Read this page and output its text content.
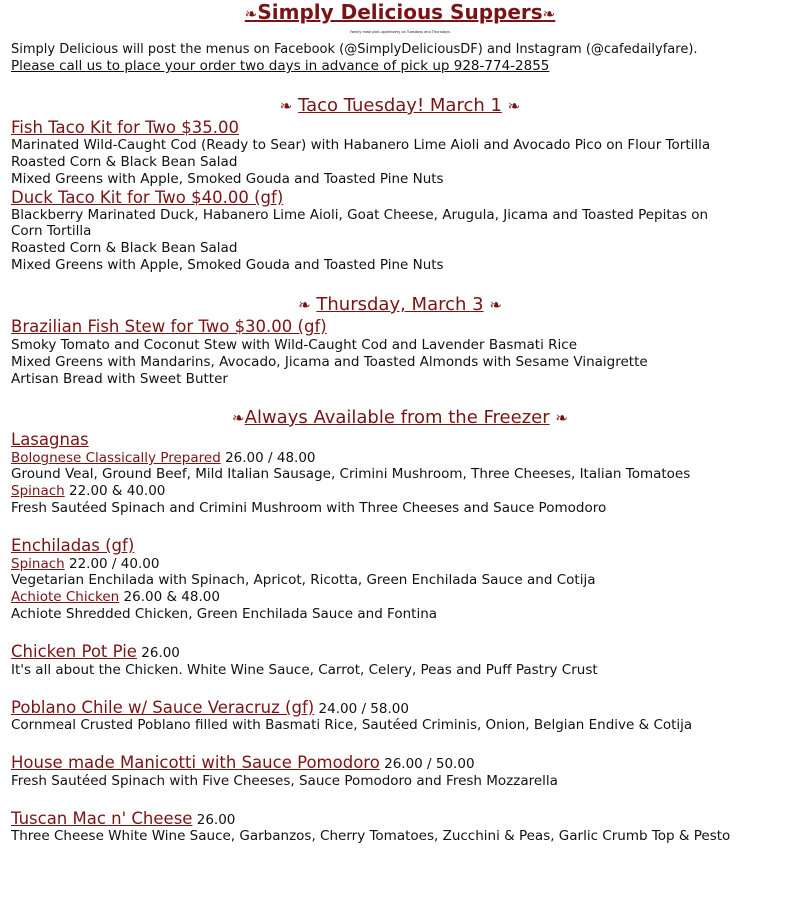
❧Simply Delicious Suppers❧
Family meal pick-up/delivery on Tuesdays and Thursdays
Simply Delicious will post the menus on Facebook (@SimplyDeliciousDF) and Instagram (@cafedailyfare).
Please call us to place your order two days in advance of pick up 928-774-2855
❧ Taco Tuesday! March 1 ❧
Fish Taco Kit for Two $35.00
Marinated Wild-Caught Cod (Ready to Sear) with Habanero Lime Aioli and Avocado Pico on Flour Tortilla
Roasted Corn & Black Bean Salad
Mixed Greens with Apple, Smoked Gouda and Toasted Pine Nuts
Duck Taco Kit for Two $40.00 (gf)
Blackberry Marinated Duck, Habanero Lime Aioli, Goat Cheese, Arugula, Jicama and Toasted Pepitas on
Corn Tortilla
Roasted Corn & Black Bean Salad
Mixed Greens with Apple, Smoked Gouda and Toasted Pine Nuts
❧ Thursday, March 3 ❧
Brazilian Fish Stew for Two $30.00 (gf)
Smoky Tomato and Coconut Stew with Wild-Caught Cod and Lavender Basmati Rice
Mixed Greens with Mandarins, Avocado, Jicama and Toasted Almonds with Sesame Vinaigrette
Artisan Bread with Sweet Butter
❧Always Available from the Freezer ❧
Lasagnas
Bolognese Classically Prepared 26.00 / 48.00
Ground Veal, Ground Beef, Mild Italian Sausage, Crimini Mushroom, Three Cheeses, Italian Tomatoes
Spinach 22.00 & 40.00
Fresh Sautéed Spinach and Crimini Mushroom with Three Cheeses and Sauce Pomodoro
Enchiladas (gf)
Spinach 22.00 / 40.00
Vegetarian Enchilada with Spinach, Apricot, Ricotta, Green Enchilada Sauce and Cotija
Achiote Chicken 26.00 & 48.00
Achiote Shredded Chicken, Green Enchilada Sauce and Fontina
Chicken Pot Pie 26.00
It's all about the Chicken. White Wine Sauce, Carrot, Celery, Peas and Puff Pastry Crust
Poblano Chile w/ Sauce Veracruz (gf) 24.00 / 58.00
Cornmeal Crusted Poblano filled with Basmati Rice, Sautéed Criminis, Onion, Belgian Endive & Cotija
House made Manicotti with Sauce Pomodoro 26.00 / 50.00
Fresh Sautéed Spinach with Five Cheeses, Sauce Pomodoro and Fresh Mozzarella
Tuscan Mac n' Cheese 26.00
Three Cheese White Wine Sauce, Garbanzos, Cherry Tomatoes, Zucchini & Peas, Garlic Crumb Top & Pesto
